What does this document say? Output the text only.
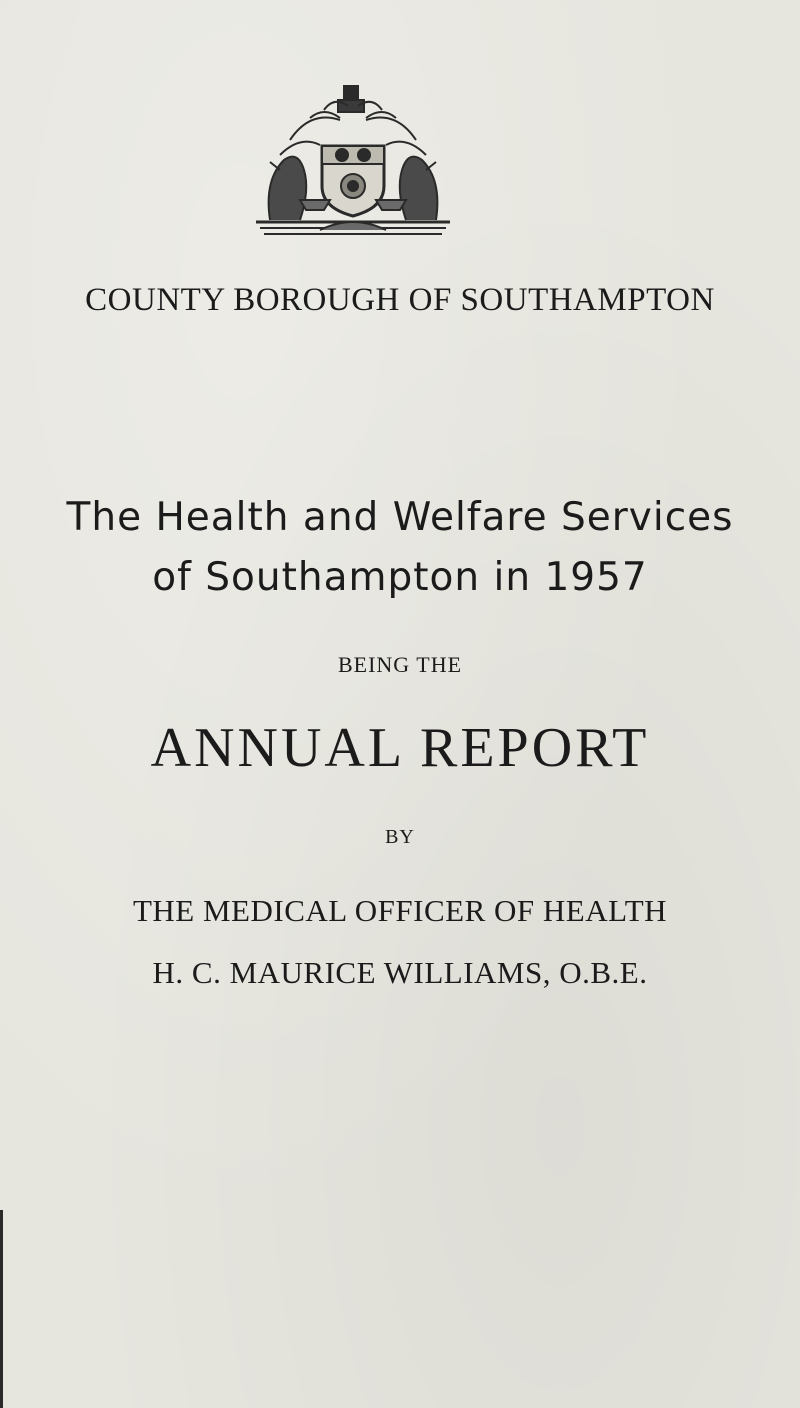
COUNTY BOROUGH OF SOUTHAMPTON
The Health and Welfare Services
of Southampton in 1957
BEING THE
ANNUAL REPORT
BY
THE MEDICAL OFFICER OF HEALTH
H. C. MAURICE WILLIAMS, O.B.E.
